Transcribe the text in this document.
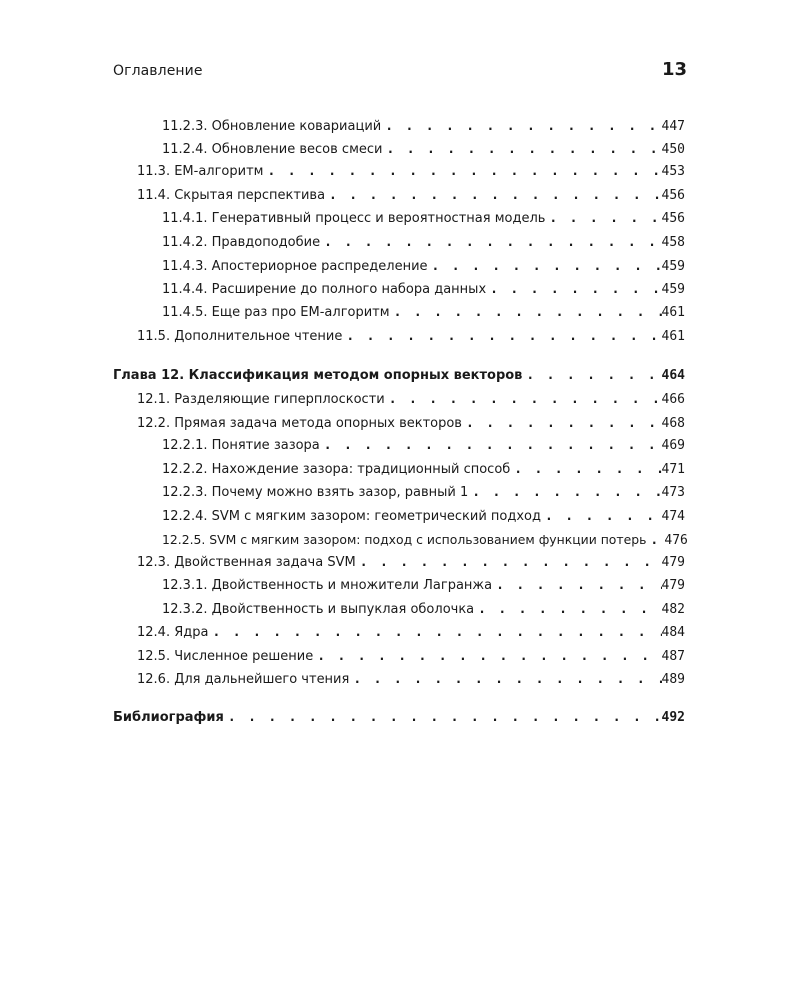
Оглавление	13
11.2.3. Обновление ковариаций . . .	447
11.2.4. Обновление весов смеси . . .	450
11.3. EM-алгоритм . . .	453
11.4. Скрытая перспектива . . .	456
11.4.1. Генеративный процесс и вероятностная модель . . .	456
11.4.2. Правдоподобие . . .	458
11.4.3. Апостериорное распределение . . .	459
11.4.4. Расширение до полного набора данных . . .	459
11.4.5. Еще раз про EM-алгоритм . . .	461
11.5. Дополнительное чтение . . .	461
Глава 12. Классификация методом опорных векторов . . .	464
12.1. Разделяющие гиперплоскости . . .	466
12.2. Прямая задача метода опорных векторов . . .	468
12.2.1. Понятие зазора . . .	469
12.2.2. Нахождение зазора: традиционный способ . . .	471
12.2.3. Почему можно взять зазор, равный 1 . . .	473
12.2.4. SVM с мягким зазором: геометрический подход . . .	474
12.2.5. SVM с мягким зазором: подход с использованием функции потерь . . . 476
12.3. Двойственная задача SVM . . .	479
12.3.1. Двойственность и множители Лагранжа . . .	479
12.3.2. Двойственность и выпуклая оболочка . . .	482
12.4. Ядра . . .	484
12.5. Численное решение . . .	487
12.6. Для дальнейшего чтения . . .	489
Библиография . . .	492
